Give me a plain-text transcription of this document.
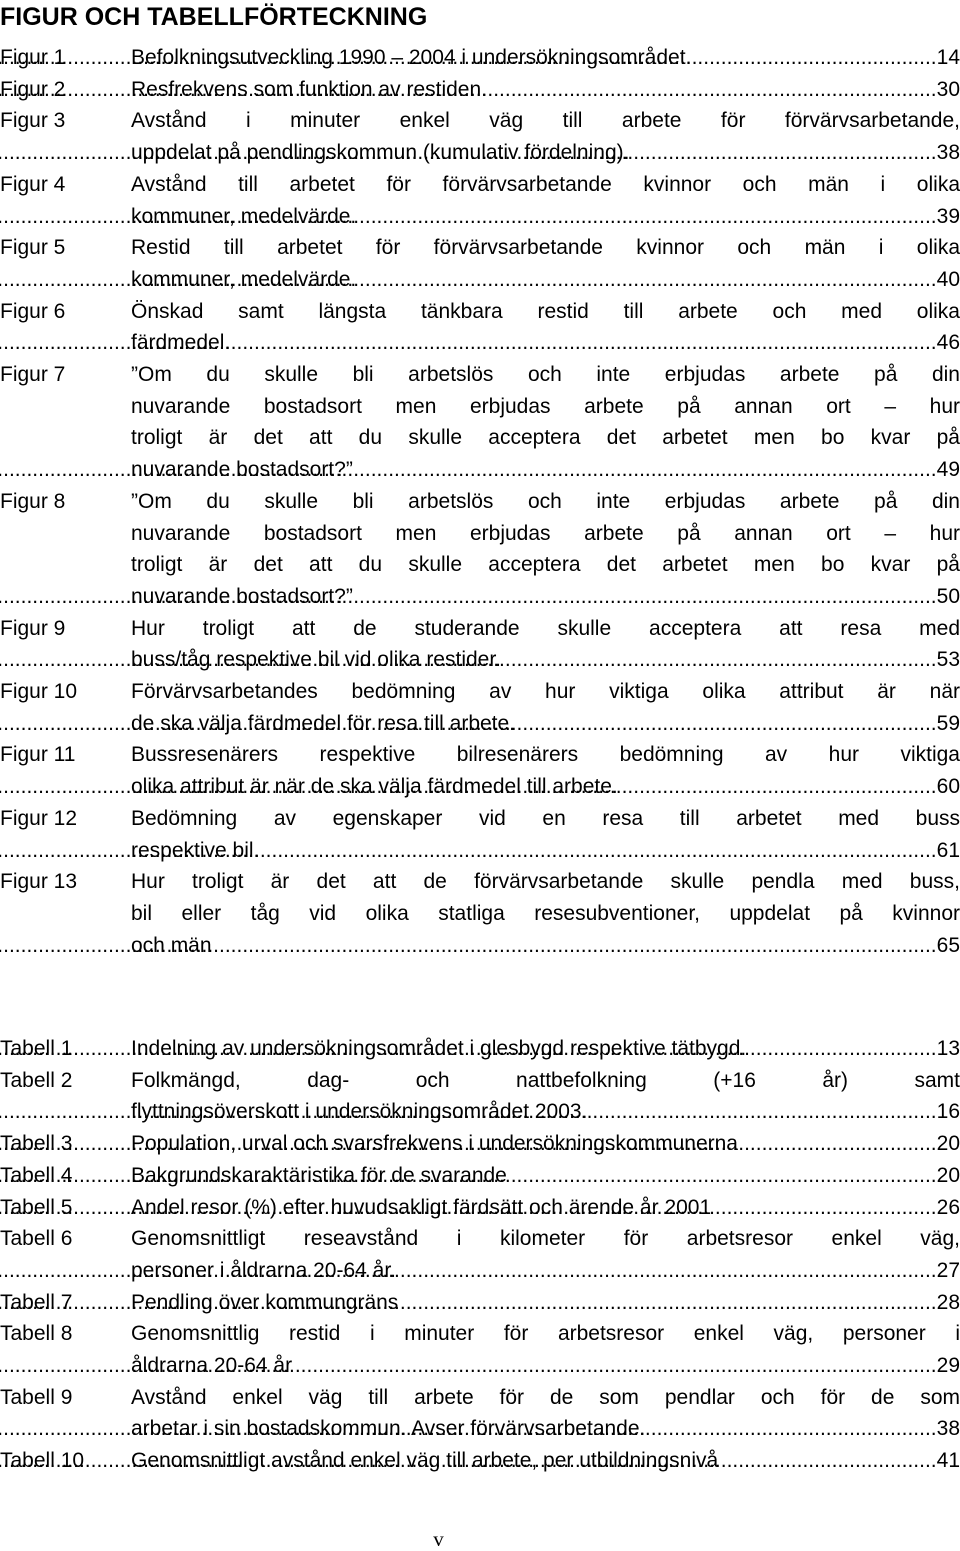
FIGUR OCH TABELLFÖRTECKNING
Figur 1	Befolkningsutveckling 1990 – 2004 i undersökningsområdet. .....	14
Figur 2	Resfrekvens som funktion av restiden. .....	30
Figur 3	Avstånd i minuter enkel väg till arbete för förvärvsarbetande,
uppdelat på pendlingskommun (kumulativ fördelning). .....	38
Figur 4	Avstånd till arbetet för förvärvsarbetande kvinnor och män i olika
kommuner, medelvärde. .....	39
Figur 5	Restid till arbetet för förvärvsarbetande kvinnor och män i olika
kommuner, medelvärde. .....	40
Figur 6	Önskad samt längsta tänkbara restid till arbete och med olika
färdmedel. .....	46
Figur 7	”Om du skulle bli arbetslös och inte erbjudas arbete på din
nuvarande bostadsort men erbjudas arbete på annan ort – hur
troligt är det att du skulle acceptera det arbetet men bo kvar på
nuvarande bostadsort?” .....	49
Figur 8	”Om du skulle bli arbetslös och inte erbjudas arbete på din
nuvarande bostadsort men erbjudas arbete på annan ort – hur
troligt är det att du skulle acceptera det arbetet men bo kvar på
nuvarande bostadsort?” .....	50
Figur 9	Hur troligt att de studerande skulle acceptera att resa med
buss/tåg respektive bil vid olika restider. .....	53
Figur 10	Förvärvsarbetandes bedömning av hur viktiga olika attribut är när
de ska välja färdmedel för resa till arbete. .....	59
Figur 11	Bussresenärers respektive bilresenärers bedömning av hur viktiga
olika attribut är när de ska välja färdmedel till arbete. .....	60
Figur 12	Bedömning av egenskaper vid en resa till arbetet med buss
respektive bil. .....	61
Figur 13	Hur troligt är det att de förvärvsarbetande skulle pendla med buss,
bil eller tåg vid olika statliga resesubventioner, uppdelat på kvinnor
och män .....	65
Tabell 1	Indelning av undersökningsområdet i glesbygd respektive tätbygd. .....	13
Tabell 2	Folkmängd, dag- och nattbefolkning (+16 år) samt
flyttningsöverskott i undersökningsområdet 2003. .....	16
Tabell 3	Population, urval och svarsfrekvens i undersökningskommunerna .....	20
Tabell 4	Bakgrundskaraktäristika för de svarande .....	20
Tabell 5	Andel resor (%) efter huvudsakligt färdsätt och ärende år 2001 .....	26
Tabell 6	Genomsnittligt reseavstånd i kilometer för arbetsresor enkel väg,
personer i åldrarna 20-64 år. .....	27
Tabell 7	Pendling över kommungräns .....	28
Tabell 8	Genomsnittlig restid i minuter för arbetsresor enkel väg, personer i
åldrarna 20-64 år .....	29
Tabell 9	Avstånd enkel väg till arbete för de som pendlar och för de som
arbetar i sin bostadskommun. Avser förvärvsarbetande. .....	38
Tabell 10 Genomsnittligt avstånd enkel väg till arbete, per utbildningsnivå .....	41
v
